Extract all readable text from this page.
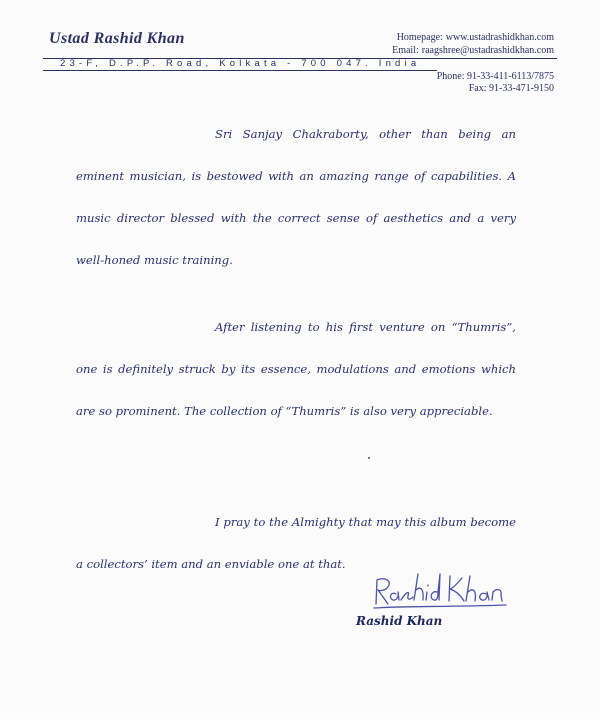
Ustad Rashid Khan	Homepage: www.ustadrashidkhan.com
Email: raagshree@ustadrashidkhan.com
23-F, D.P.P. Road, Kolkata - 700 047. India
Phone: 91-33-411-6113/7875
Fax: 91-33-471-9150

Sri Sanjay Chakraborty, other than being an eminent musician, is bestowed with an amazing range of capabilities. A music director blessed with the correct sense of aesthetics and a very well-honed music training.

After listening to his first venture on “Thumris”, one is definitely struck by its essence, modulations and emotions which are so prominent. The collection of “Thumris” is also very appreciable.

I pray to the Almighty that may this album become a collectors’ item and an enviable one at that.

Rashid Khan
